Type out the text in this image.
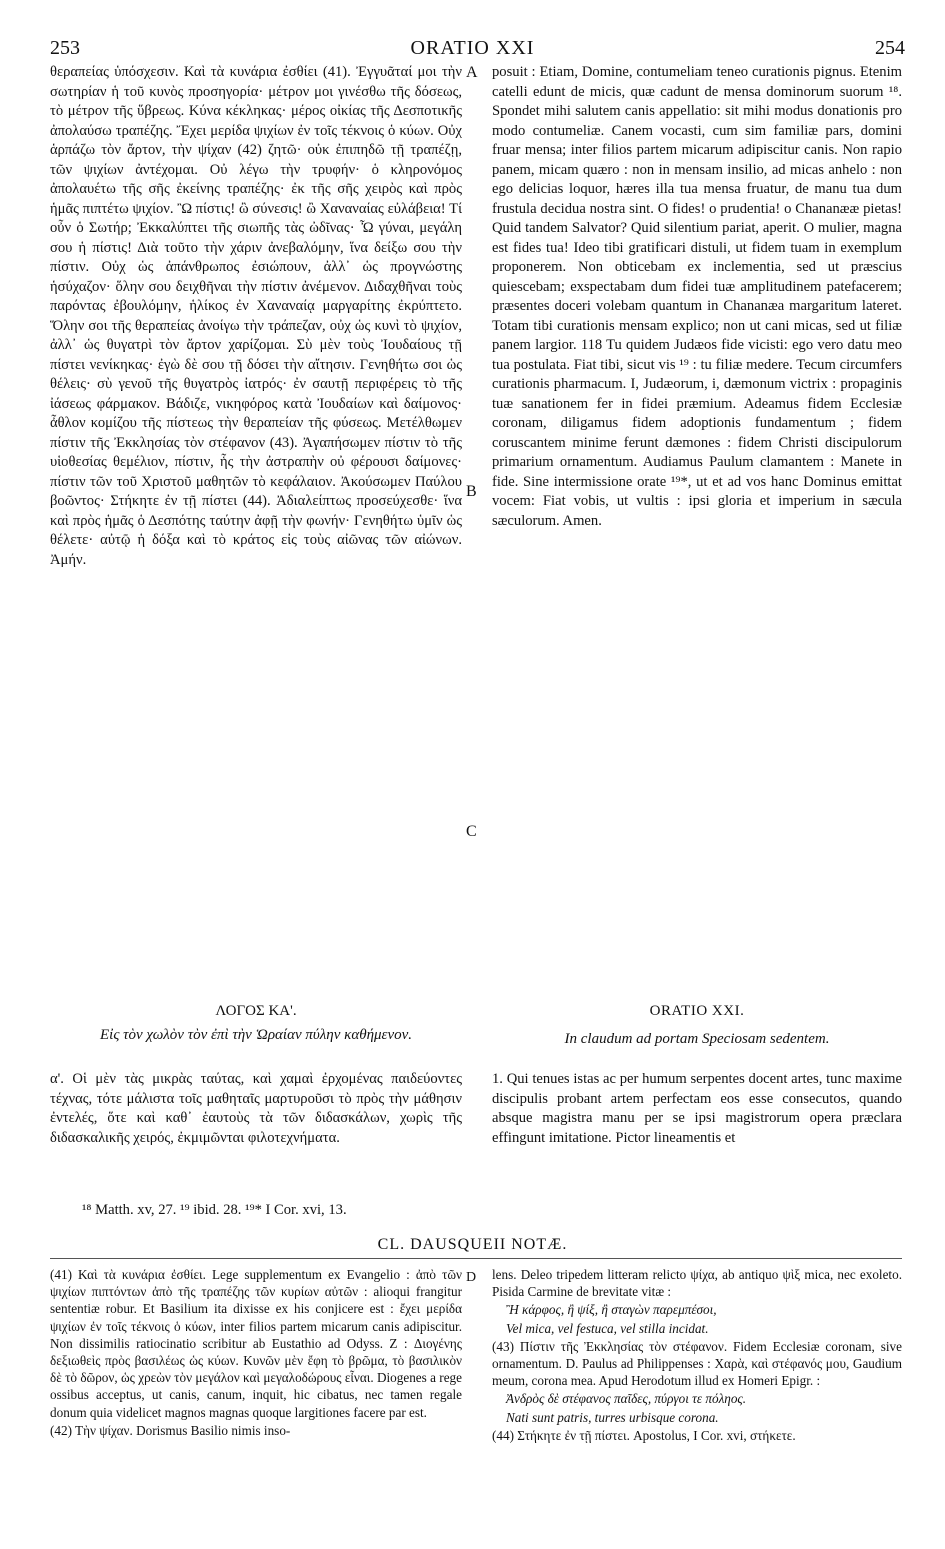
253	ORATIO XXI	254

θεραπείας ὑπόσχεσιν. Καὶ τὰ κυνάρια ἐσθίει (41). Ἐγγυᾶταί μοι τὴν σωτηρίαν ἡ τοῦ κυνὸς προσηγορία· μέτρον μοι γινέσθω τῆς δόσεως, τὸ μέτρον τῆς ὕβρεως. Κύνα κέκληκας· μέρος οἰκίας τῆς Δεσποτικῆς ἀπολαύσω τραπέζης. Ἔχει μερίδα ψιχίων ἐν τοῖς τέκνοις ὁ κύων. Οὐχ ἁρπάζω τὸν ἄρτον, τὴν ψίχαν (42) ζητῶ· οὐκ ἐπιπηδῶ τῇ τραπέζῃ, τῶν ψιχίων ἀντέχομαι. Οὐ λέγω τὴν τρυφήν· ὁ κληρονόμος ἀπολαυέτω τῆς σῆς ἐκείνης τραπέζης· ἐκ τῆς σῆς χειρὸς καὶ πρὸς ἡμᾶς πιπτέτω ψιχίον. Ὢ πίστις! ὢ σύνεσις! ὢ Χαναναίας εὐλάβεια! Τί οὖν ὁ Σωτήρ; Ἐκκαλύπτει τῆς σιωπῆς τὰς ὠδῖνας· Ὦ γύναι, μεγάλη σου ἡ πίστις! Διὰ τοῦτο τὴν χάριν ἀνεβαλόμην, ἵνα δείξω σου τὴν πίστιν. Οὐχ ὡς ἀπάνθρωπος ἐσιώπουν, ἀλλ᾽ ὡς προγνώστης ἡσύχαζον· ὅλην σου δειχθῆναι τὴν πίστιν ἀνέμενον. Διδαχθῆναι τοὺς παρόντας ἐβουλόμην, ἡλίκος ἐν Χαναναίᾳ μαργαρίτης ἐκρύπτετο. Ὅλην σοι τῆς θεραπείας ἀνοίγω τὴν τράπεζαν, οὐχ ὡς κυνὶ τὸ ψιχίον, ἀλλ᾽ ὡς θυγατρὶ τὸν ἄρτον χαρίζομαι. Σὺ μὲν τοὺς Ἰουδαίους τῇ πίστει νενίκηκας· ἐγὼ δὲ σου τῇ δόσει τὴν αἴτησιν. Γενηθήτω σοι ὡς θέλεις· σὺ γενοῦ τῆς θυγατρὸς ἰατρός· ἐν σαυτῇ περιφέρεις τὸ τῆς ἰάσεως φάρμακον. Βάδιζε, νικηφόρος κατὰ Ἰουδαίων καὶ δαίμονος· ἆθλον κομίζου τῆς πίστεως τὴν θεραπείαν τῆς φύσεως. Μετέλθωμεν πίστιν τῆς Ἐκκλησίας τὸν στέφανον (43). Ἀγαπήσωμεν πίστιν τὸ τῆς υἱοθεσίας θεμέλιον, πίστιν, ἧς τὴν ἀστραπὴν οὐ φέρουσι δαίμονες· πίστιν τῶν τοῦ Χριστοῦ μαθητῶν τὸ κεφάλαιον. Ἀκούσωμεν Παύλου βοῶντος· Στήκητε ἐν τῇ πίστει (44). Ἀδιαλείπτως προσεύχεσθε· ἵνα καὶ πρὸς ἡμᾶς ὁ Δεσπότης ταύτην ἀφῇ τὴν φωνήν· Γενηθήτω ὑμῖν ὡς θέλετε· αὐτῷ ἡ δόξα καὶ τὸ κράτος εἰς τοὺς αἰῶνας τῶν αἰώνων. Ἀμήν.

A
B
C

posuit : Etiam, Domine, contumeliam teneo curationis pignus. Etenim catelli edunt de micis, quæ cadunt de mensa dominorum suorum ¹⁸. Spondet mihi salutem canis appellatio: sit mihi modus donationis pro modo contumeliæ. Canem vocasti, cum sim familiæ pars, domini fruar mensa; inter filios partem micarum adipiscitur canis. Non rapio panem, micam quæro : non in mensam insilio, ad micas anhelo : non ego delicias loquor, hæres illa tua mensa fruatur, de manu tua dum frustula decidua nostra sint. O fides! o prudentia! o Chananææ pietas! Quid tandem Salvator? Quid silentium pariat, aperit. O mulier, magna est fides tua! Ideo tibi gratificari distuli, ut fidem tuam in exemplum proponerem. Non obticebam ex inclementia, sed ut præscius quiescebam; exspectabam dum fidei tuæ amplitudinem patefacerem; præsentes doceri volebam quantum in Chananæa margaritum lateret. Totam tibi curationis mensam explico; non ut cani micas, sed ut filiæ panem largior. 118 Tu quidem Judæos fide vicisti: ego vero datu meo tua postulata. Fiat tibi, sicut vis ¹⁹ : tu filiæ medere. Tecum circumfers curationis pharmacum. I, Judæorum, i, dæmonum victrix : propaginis tuæ sanationem fer in fidei præmium. Adeamus fidem Ecclesiæ coronam, diligamus fidem adoptionis fundamentum ; fidem coruscantem minime ferunt dæmones : fidem Christi discipulorum primarium ornamentum. Audiamus Paulum clamantem : Manete in fide. Sine intermissione orate ¹⁹*, ut et ad vos hanc Dominus emittat vocem: Fiat vobis, ut vultis : ipsi gloria et imperium in sæcula sæculorum. Amen.

ΛΟΓΟΣ ΚΑ'.
Εἰς τὸν χωλὸν τὸν ἐπὶ τὴν Ὡραίαν πύλην καθήμενον.
ORATIO XXI.
In claudum ad portam Speciosam sedentem.

α'. Οἱ μὲν τὰς μικρὰς ταύτας, καὶ χαμαὶ ἐρχομένας παιδεύοντες τέχνας, τότε μάλιστα τοῖς μαθηταῖς μαρτυροῦσι τὸ πρὸς τὴν μάθησιν ἐντελές, ὅτε καὶ καθ᾽ ἑαυτοὺς τὰ τῶν διδασκάλων, χωρὶς τῆς διδασκαλικῆς χειρός, ἐκμιμῶνται φιλοτεχνήματα.

1. Qui tenues istas ac per humum serpentes docent artes, tunc maxime discipulis probant artem perfectam eos esse consecutos, quando absque magistra manu per se ipsi magistrorum opera præclara effingunt imitatione. Pictor lineamentis et

¹⁸ Matth. xv, 27. ¹⁹ ibid. 28. ¹⁹* I Cor. xvi, 13.
CL. DAUSQUEII NOTÆ.
D

(41) Καὶ τὰ κυνάρια ἐσθίει. Lege supplementum ex Evangelio : ἀπὸ τῶν ψιχίων πιπτόντων ἀπὸ τῆς τραπέζης τῶν κυρίων αὐτῶν : alioqui frangitur sententiæ robur. Et Basilium ita dixisse ex his conjicere est : ἔχει μερίδα ψιχίων ἐν τοῖς τέκνοις ὁ κύων, inter filios partem micarum canis adipiscitur. Non dissimilis ratiocinatio scribitur ab Eustathio ad Odyss. Z : Διογένης δεξιωθεὶς πρὸς βασιλέως ὡς κύων. Κυνῶν μὲν ἔφη τὸ βρῶμα, τὸ βασιλικὸν δὲ τὸ δῶρον, ὡς χρεὼν τὸν μεγάλον καὶ μεγαλοδώρους εἶναι. Diogenes a rege ossibus acceptus, ut canis, canum, inquit, hic cibatus, nec tamen regale donum quia videlicet magnos magnas quoque largitiones facere par est.

(42) Τὴν ψίχαν. Dorismus Basilio nimis inso-

lens. Deleo tripedem litteram relicto ψίχα, ab antiquo ψὶξ mica, nec exoleto. Pisida Carmine de brevitate vitæ :

Ἢ κάρφος, ἢ ψίξ, ἢ σταγὼν παρεμπέσοι,

Vel mica, vel festuca, vel stilla incidat.

(43) Πίστιν τῆς Ἐκκλησίας τὸν στέφανον. Fidem Ecclesiæ coronam, sive ornamentum. D. Paulus ad Philippenses : Χαρὰ, καὶ στέφανός μου, Gaudium meum, corona mea. Apud Herodotum illud ex Homeri Epigr. :

Ἀνδρὸς δὲ στέφανος παῖδες, πύργοι τε πόληος.

Nati sunt patris, turres urbisque corona.

(44) Στήκητε ἐν τῇ πίστει. Apostolus, I Cor. xvi, στήκετε.
